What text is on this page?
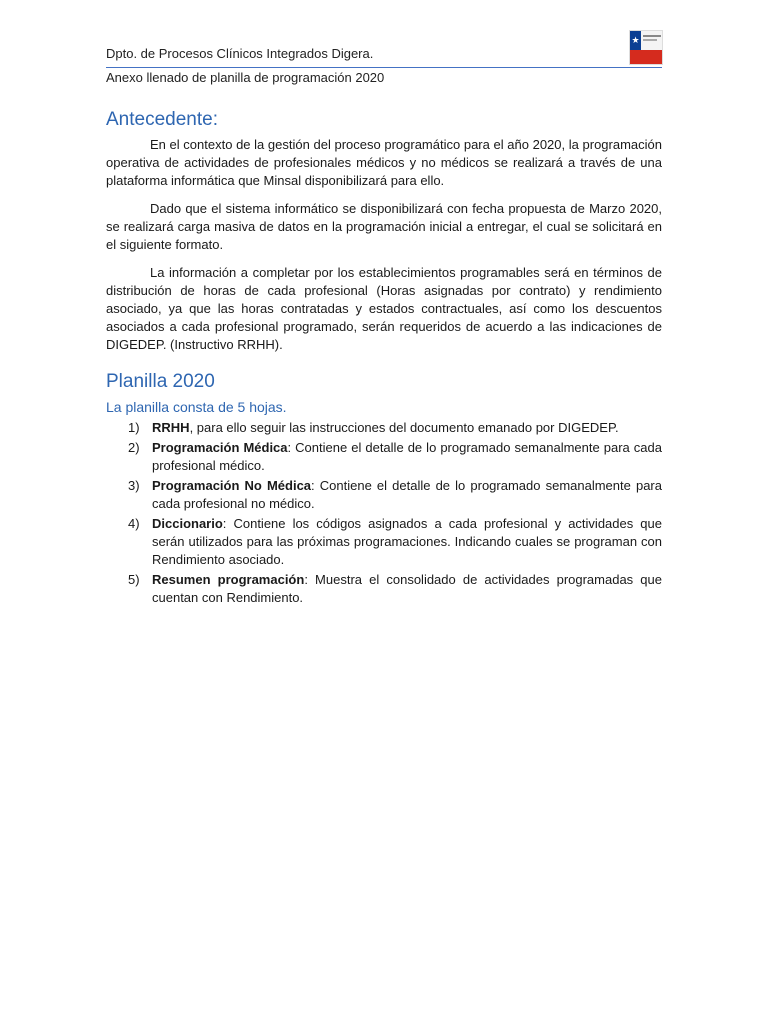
Dpto. de Procesos Clínicos Integrados Digera.
Anexo llenado de planilla de programación 2020
★
Antecedente:

En el contexto de la gestión del proceso programático para el año 2020, la programación operativa de actividades de profesionales médicos y no médicos se realizará a través de una plataforma informática que Minsal disponibilizará para ello.

Dado que el sistema informático se disponibilizará con fecha propuesta de Marzo 2020, se realizará carga masiva de datos en la programación inicial a entregar, el cual se solicitará en el siguiente formato.

La información a completar por los establecimientos programables será en términos de distribución de horas de cada profesional (Horas asignadas por contrato) y rendimiento asociado, ya que las horas contratadas y estados contractuales, así como los descuentos asociados a cada profesional programado, serán requeridos de acuerdo a las indicaciones de DIGEDEP. (Instructivo RRHH).

Planilla 2020
La planilla consta de 5 hojas.
1) RRHH, para ello seguir las instrucciones del documento emanado por DIGEDEP.
2) Programación Médica: Contiene el detalle de lo programado semanalmente para cada profesional médico.
3) Programación No Médica: Contiene el detalle de lo programado semanalmente para cada profesional no médico.
4) Diccionario: Contiene los códigos asignados a cada profesional y actividades que serán utilizados para las próximas programaciones. Indicando cuales se programan con Rendimiento asociado.
5) Resumen programación: Muestra el consolidado de actividades programadas que cuentan con Rendimiento.
